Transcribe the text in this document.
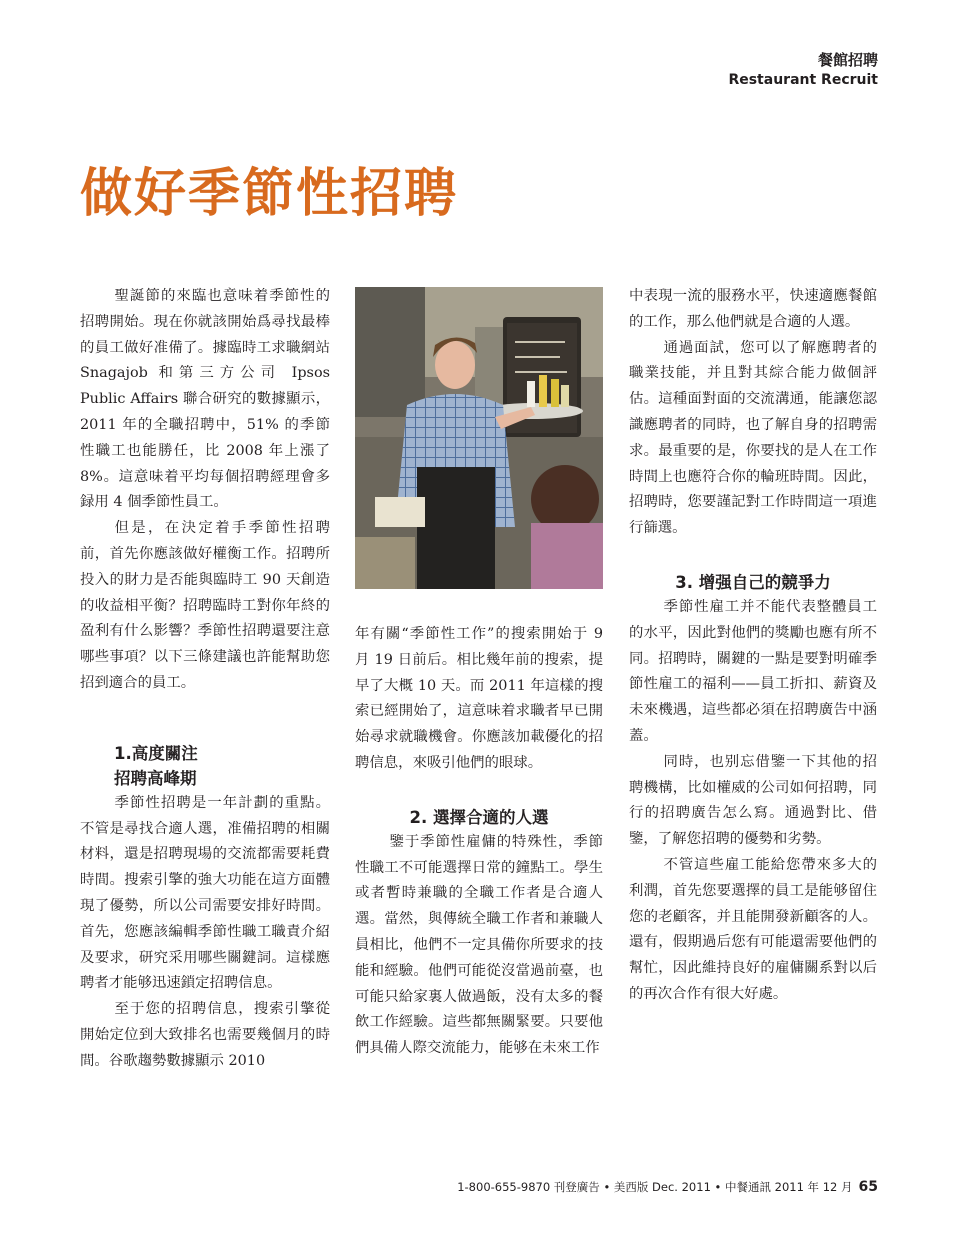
餐館招聘
Restaurant Recruit
做好季節性招聘

聖誕節的來臨也意味着季節性的招聘開始。現在你就該開始爲尋找最棒的員工做好准備了。據臨時工求職網站 Snagajob 和第三方公司 Ipsos Public Affairs 聯合研究的數據顯示，2011 年的全職招聘中，51% 的季節性職工也能勝任，比 2008 年上漲了 8%。這意味着平均每個招聘經理會多録用 4 個季節性員工。

但是，在決定着手季節性招聘前，首先你應該做好權衡工作。招聘所投入的財力是否能與臨時工 90 天創造的收益相平衡？招聘臨時工對你年終的盈利有什么影響？季節性招聘還要注意哪些事項？以下三條建議也許能幫助您招到適合的員工。

1.高度關注
招聘高峰期

季節性招聘是一年計劃的重點。不管是尋找合適人選，准備招聘的相關材料，還是招聘現場的交流都需要耗費時間。搜索引擎的強大功能在這方面體現了優勢，所以公司需要安排好時間。首先，您應該編輯季節性職工職責介紹及要求，研究采用哪些關鍵詞。這樣應聘者才能够迅速鎖定招聘信息。

至于您的招聘信息，搜索引擎從開始定位到大致排名也需要幾個月的時間。谷歌趨勢數據顯示 2010

年有關“季節性工作”的搜索開始于 9 月 19 日前后。相比幾年前的搜索，提早了大概 10 天。而 2011 年這樣的搜索已經開始了，這意味着求職者早已開始尋求就職機會。你應該加載優化的招聘信息，來吸引他們的眼球。

2. 選擇合適的人選

鑒于季節性雇傭的特殊性，季節性職工不可能選擇日常的鐘點工。學生或者暫時兼職的全職工作者是合適人選。當然，與傳統全職工作者和兼職人員相比，他們不一定具備你所要求的技能和經驗。他們可能從沒當過前臺，也可能只給家裏人做過飯，没有太多的餐飲工作經驗。這些都無關緊要。只要他們具備人際交流能力，能够在未來工作

中表現一流的服務水平，快速適應餐館的工作，那么他們就是合適的人選。

通過面試，您可以了解應聘者的職業技能，并且對其綜合能力做個評估。這種面對面的交流溝通，能讓您認識應聘者的同時，也了解自身的招聘需求。最重要的是，你要找的是人在工作時間上也應符合你的輪班時間。因此，招聘時，您要謹記對工作時間這一項進行篩選。

3. 增强自己的競爭力

季節性雇工并不能代表整體員工的水平，因此對他們的獎勵也應有所不同。招聘時，關鍵的一點是要對明確季節性雇工的福利——員工折扣、薪資及未來機遇，這些都必須在招聘廣告中涵蓋。

同時，也别忘借鑒一下其他的招聘機構，比如權威的公司如何招聘，同行的招聘廣告怎么寫。通過對比、借鑒，了解您招聘的優勢和劣勢。

不管這些雇工能給您帶來多大的利潤，首先您要選擇的員工是能够留住您的老顧客，并且能開發新顧客的人。還有，假期過后您有可能還需要他們的幫忙，因此維持良好的雇傭關系對以后的再次合作有很大好處。

1-800-655-9870 刊登廣告 • 美西版 Dec. 2011 • 中餐通訊 2011 年 12 月 65
